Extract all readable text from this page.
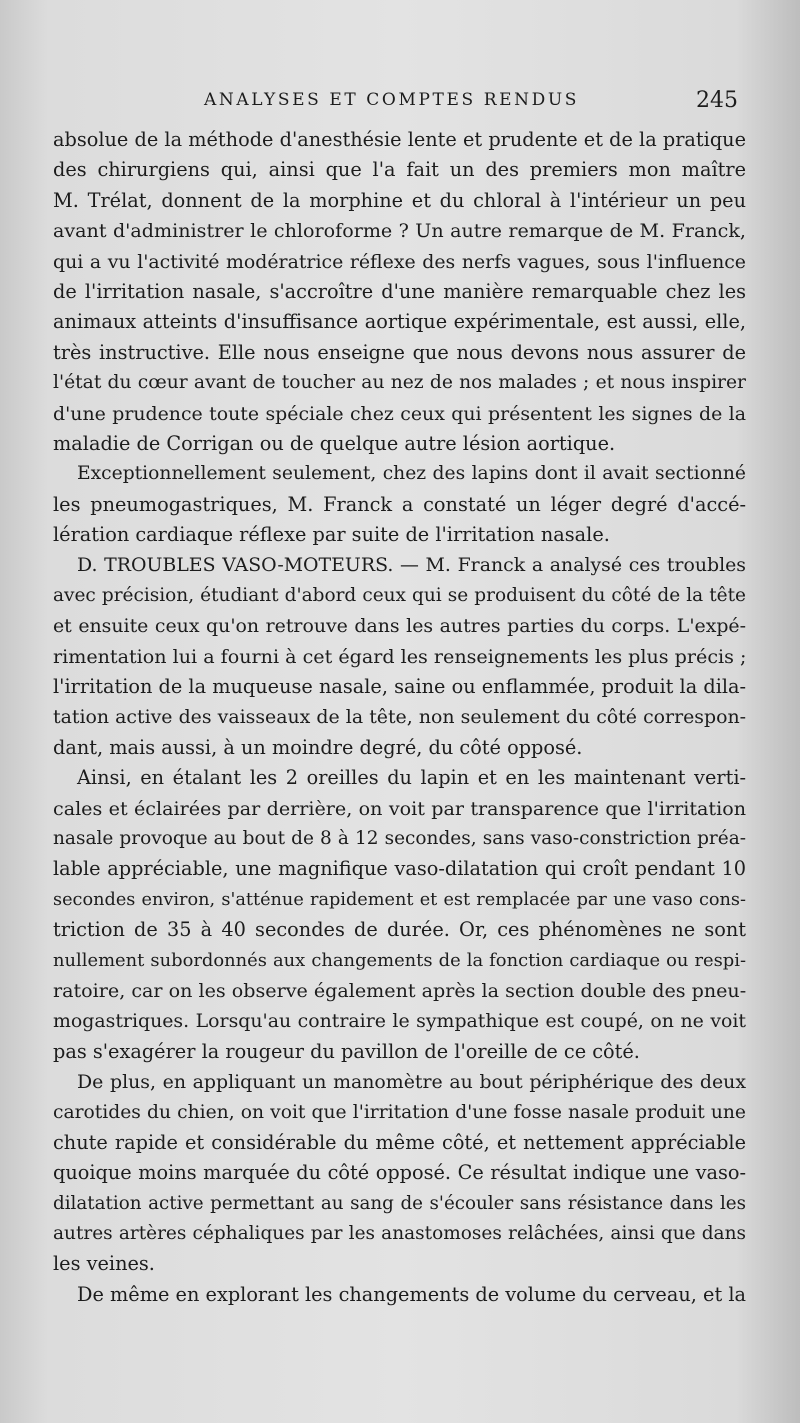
ANALYSES ET COMPTES RENDUS	245
absolue de la méthode d'anesthésie lente et prudente et de la pratique
des chirurgiens qui, ainsi que l'a fait un des premiers mon maître
M. Trélat, donnent de la morphine et du chloral à l'intérieur un peu
avant d'administrer le chloroforme ? Un autre remarque de M. Franck,
qui a vu l'activité modératrice réflexe des nerfs vagues, sous l'influence
de l'irritation nasale, s'accroître d'une manière remarquable chez les
animaux atteints d'insuffisance aortique expérimentale, est aussi, elle,
très instructive. Elle nous enseigne que nous devons nous assurer de
l'état du cœur avant de toucher au nez de nos malades ; et nous inspirer
d'une prudence toute spéciale chez ceux qui présentent les signes de la
maladie de Corrigan ou de quelque autre lésion aortique.
Exceptionnellement seulement, chez des lapins dont il avait sectionné
les pneumogastriques, M. Franck a constaté un léger degré d'accé-
lération cardiaque réflexe par suite de l'irritation nasale.
D. TROUBLES VASO-MOTEURS. — M. Franck a analysé ces troubles
avec précision, étudiant d'abord ceux qui se produisent du côté de la tête
et ensuite ceux qu'on retrouve dans les autres parties du corps. L'expé-
rimentation lui a fourni à cet égard les renseignements les plus précis ;
l'irritation de la muqueuse nasale, saine ou enflammée, produit la dila-
tation active des vaisseaux de la tête, non seulement du côté correspon-
dant, mais aussi, à un moindre degré, du côté opposé.
Ainsi, en étalant les 2 oreilles du lapin et en les maintenant verti-
cales et éclairées par derrière, on voit par transparence que l'irritation
nasale provoque au bout de 8 à 12 secondes, sans vaso-constriction préa-
lable appréciable, une magnifique vaso-dilatation qui croît pendant 10
secondes environ, s'atténue rapidement et est remplacée par une vaso cons-
triction de 35 à 40 secondes de durée. Or, ces phénomènes ne sont
nullement subordonnés aux changements de la fonction cardiaque ou respi-
ratoire, car on les observe également après la section double des pneu-
mogastriques. Lorsqu'au contraire le sympathique est coupé, on ne voit
pas s'exagérer la rougeur du pavillon de l'oreille de ce côté.
De plus, en appliquant un manomètre au bout périphérique des deux
carotides du chien, on voit que l'irritation d'une fosse nasale produit une
chute rapide et considérable du même côté, et nettement appréciable
quoique moins marquée du côté opposé. Ce résultat indique une vaso-
dilatation active permettant au sang de s'écouler sans résistance dans les
autres artères céphaliques par les anastomoses relâchées, ainsi que dans
les veines.
De même en explorant les changements de volume du cerveau, et la
